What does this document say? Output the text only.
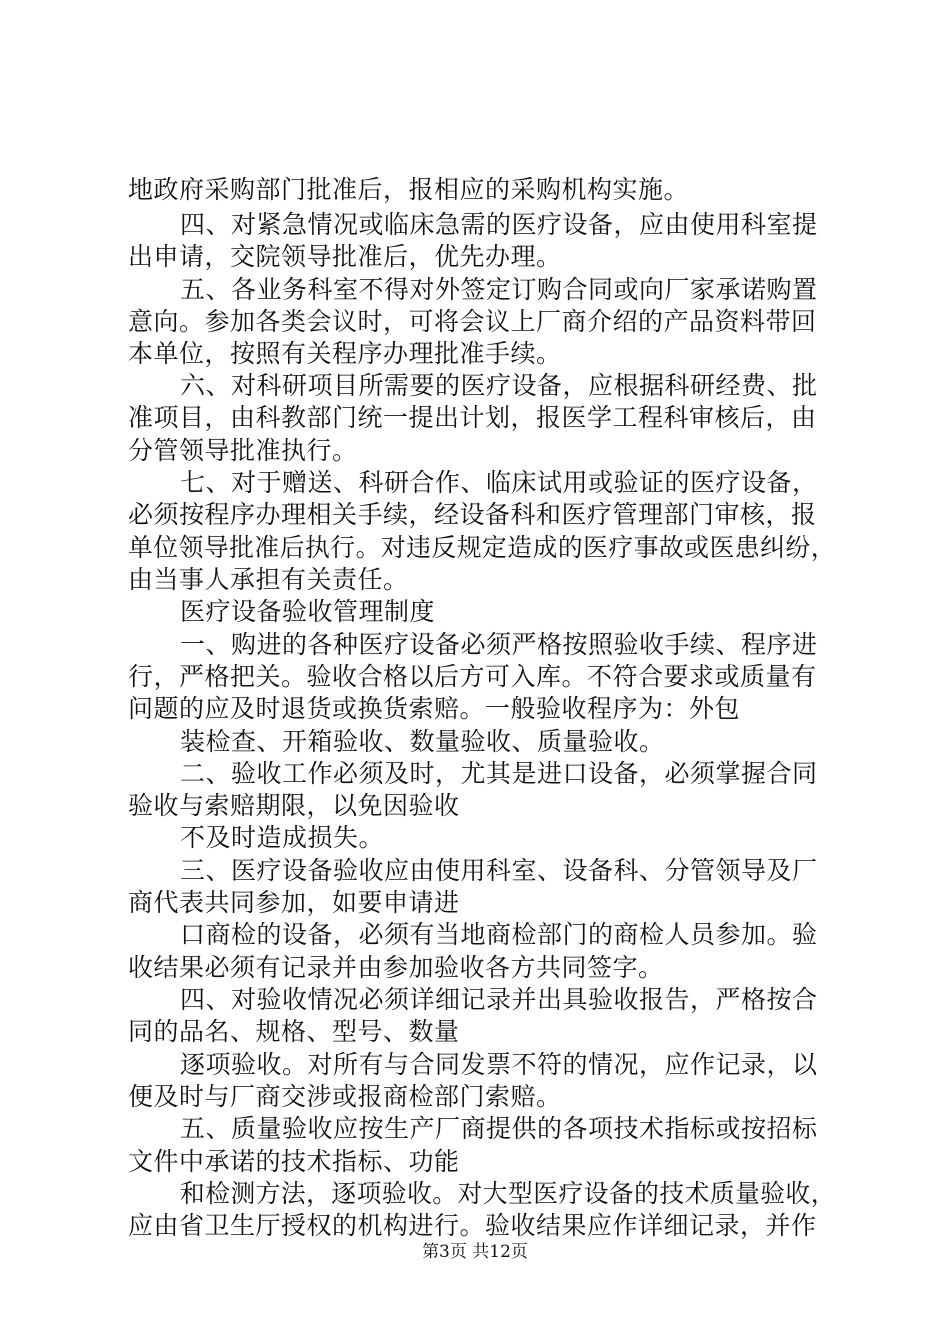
地政府采购部门批准后，报相应的采购机构实施。
四、对紧急情况或临床急需的医疗设备，应由使用科室提
出申请，交院领导批准后，优先办理。
五、各业务科室不得对外签定订购合同或向厂家承诺购置
意向。参加各类会议时，可将会议上厂商介绍的产品资料带回
本单位，按照有关程序办理批准手续。
六、对科研项目所需要的医疗设备，应根据科研经费、批
准项目，由科教部门统一提出计划，报医学工程科审核后，由
分管领导批准执行。
七、对于赠送、科研合作、临床试用或验证的医疗设备，
必须按程序办理相关手续，经设备科和医疗管理部门审核，报
单位领导批准后执行。对违反规定造成的医疗事故或医患纠纷，
由当事人承担有关责任。
医疗设备验收管理制度
一、购进的各种医疗设备必须严格按照验收手续、程序进
行，严格把关。验收合格以后方可入库。不符合要求或质量有
问题的应及时退货或换货索赔。一般验收程序为：外包
装检查、开箱验收、数量验收、质量验收。
二、验收工作必须及时，尤其是进口设备，必须掌握合同
验收与索赔期限，以免因验收
不及时造成损失。
三、医疗设备验收应由使用科室、设备科、分管领导及厂
商代表共同参加，如要申请进
口商检的设备，必须有当地商检部门的商检人员参加。验
收结果必须有记录并由参加验收各方共同签字。
四、对验收情况必须详细记录并出具验收报告，严格按合
同的品名、规格、型号、数量
逐项验收。对所有与合同发票不符的情况，应作记录，以
便及时与厂商交涉或报商检部门索赔。
五、质量验收应按生产厂商提供的各项技术指标或按招标
文件中承诺的技术指标、功能
和检测方法，逐项验收。对大型医疗设备的技术质量验收，
应由省卫生厅授权的机构进行。验收结果应作详细记录，并作
第3页 共12页
